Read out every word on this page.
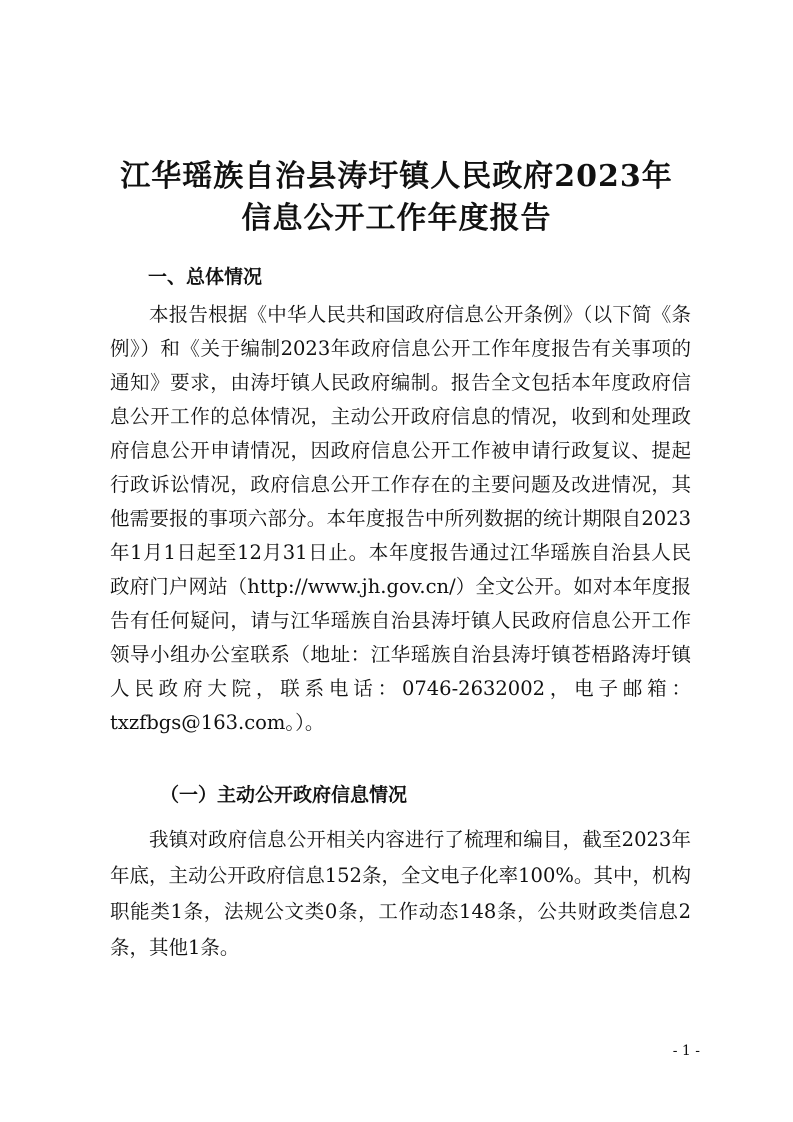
江华瑶族自治县涛圩镇人民政府2023年
信息公开工作年度报告
一、总体情况

本报告根据《中华人民共和国政府信息公开条例》（以下简《条例》）和《关于编制2023年政府信息公开工作年度报告有关事项的通知》要求，由涛圩镇人民政府编制。报告全文包括本年度政府信息公开工作的总体情况，主动公开政府信息的情况，收到和处理政府信息公开申请情况，因政府信息公开工作被申请行政复议、提起行政诉讼情况，政府信息公开工作存在的主要问题及改进情况，其他需要报的事项六部分。本年度报告中所列数据的统计期限自2023年1月1日起至12月31日止。本年度报告通过江华瑶族自治县人民政府门户网站（http://www.jh.gov.cn/）全文公开。如对本年度报告有任何疑问，请与江华瑶族自治县涛圩镇人民政府信息公开工作领导小组办公室联系（地址：江华瑶族自治县涛圩镇苍梧路涛圩镇人民政府大院，联系电话：0746-2632002，电子邮箱：txzfbgs@163.com。）。

（一）主动公开政府信息情况

我镇对政府信息公开相关内容进行了梳理和编目，截至2023年年底，主动公开政府信息152条，全文电子化率100%。其中，机构职能类1条，法规公文类0条，工作动态148条，公共财政类信息2条，其他1条。

- 1 -
